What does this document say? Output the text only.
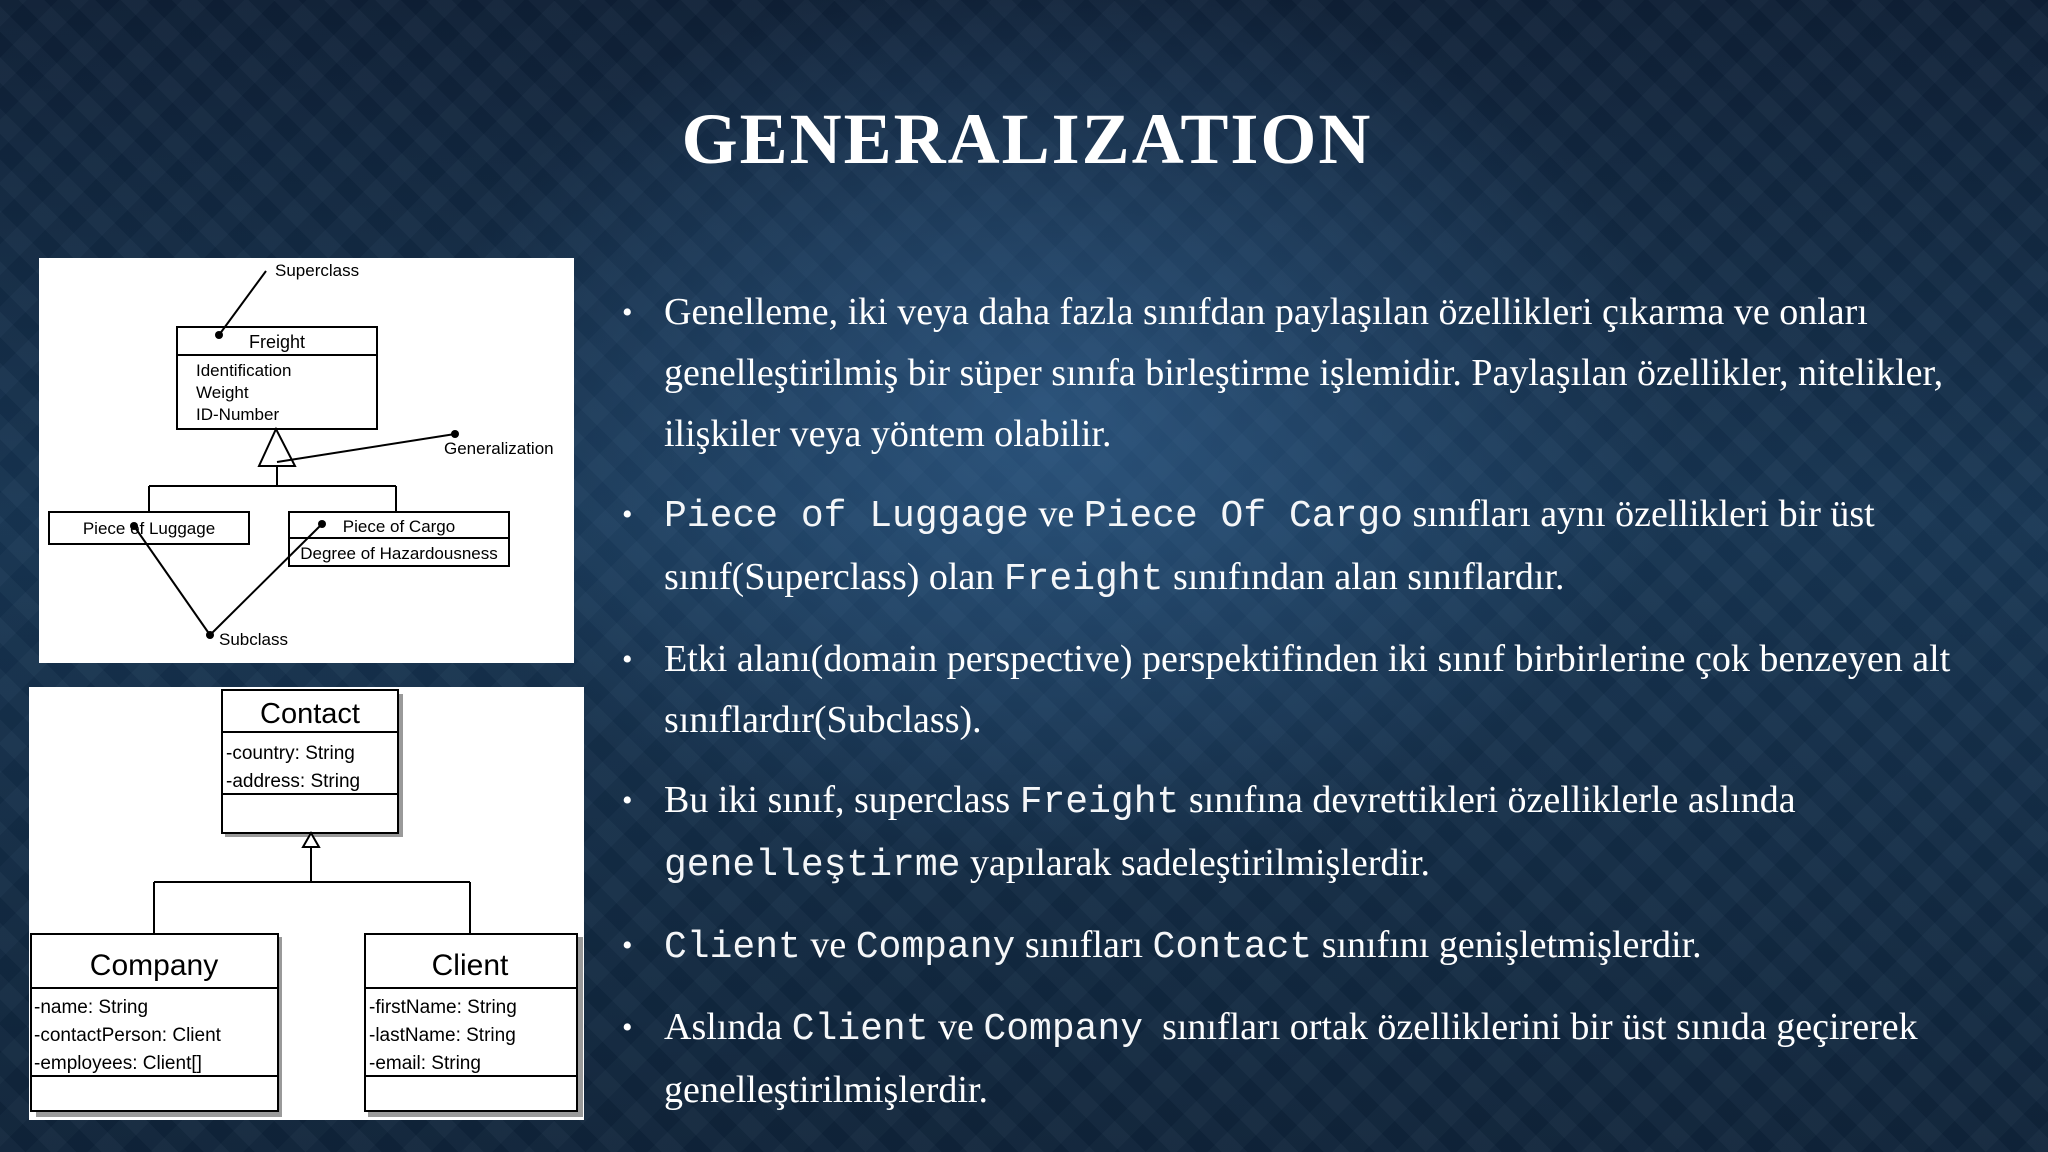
GENERALIZATION
Superclass
Freight
Identification
Weight
ID-Number
Generalization
Piece of Luggage	Piece of Cargo
Degree of Hazardousness
Subclass
Contact
-country: String
-address: String
Company
-name: String
-contactPerson: Client
-employees: Client[]
Client
-firstName: String
-lastName: String
-email: String
• Genelleme, iki veya daha fazla sınıfdan paylaşılan özellikleri çıkarma ve onları genelleştirilmiş bir süper sınıfa birleştirme işlemidir. Paylaşılan özellikler, nitelikler, ilişkiler veya yöntem olabilir.
• Piece of Luggage ve Piece Of Cargo sınıfları aynı özellikleri bir üst sınıf(Superclass) olan Freight sınıfından alan sınıflardır.
• Etki alanı(domain perspective) perspektifinden iki sınıf birbirlerine çok benzeyen alt sınıflardır(Subclass).
• Bu iki sınıf, superclass Freight sınıfına devrettikleri özelliklerle aslında genelleştirme yapılarak sadeleştirilmişlerdir.
• Client ve Company sınıfları Contact sınıfını genişletmişlerdir.
• Aslında Client ve Company  sınıfları ortak özelliklerini bir üst sınıda geçirerek genelleştirilmişlerdir.
